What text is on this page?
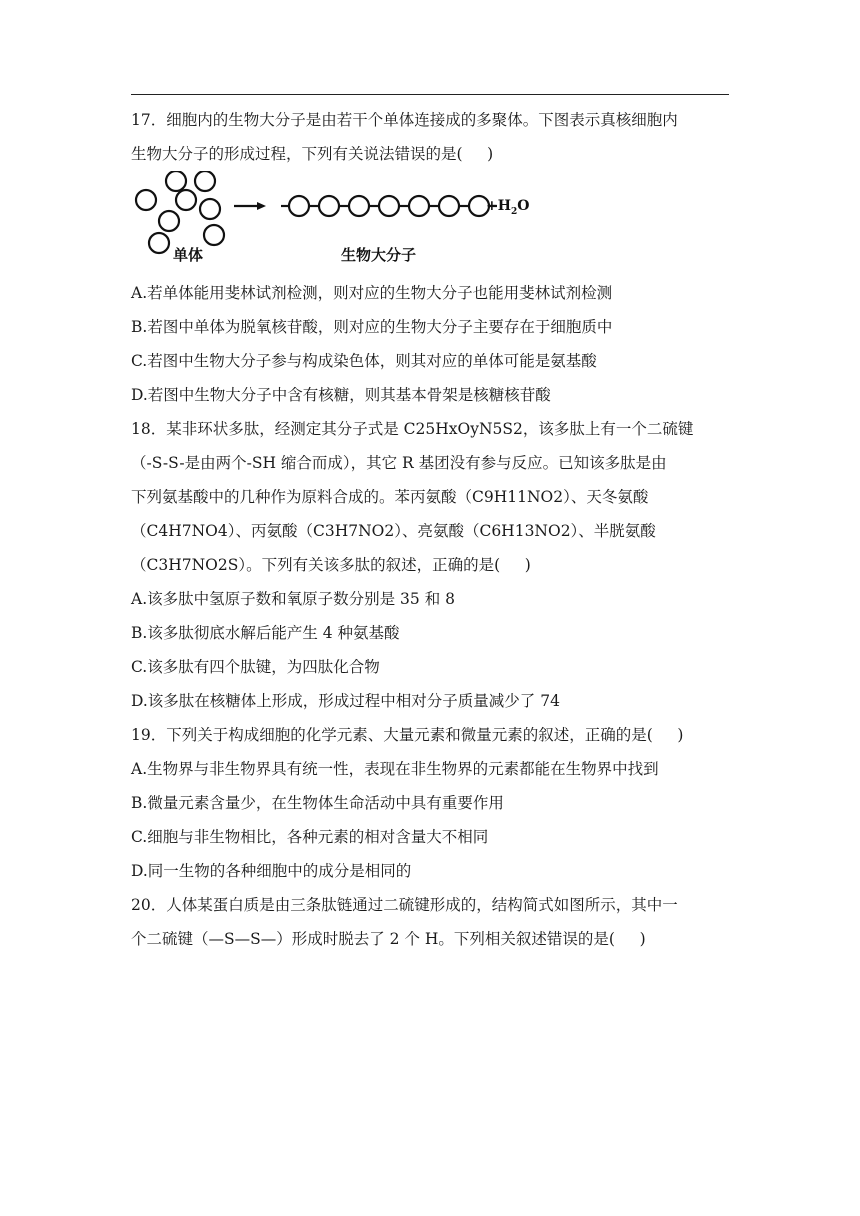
17．细胞内的生物大分子是由若干个单体连接成的多聚体。下图表示真核细胞内
生物大分子的形成过程，下列有关说法错误的是(     )
$+H_2O$
单体	生物大分子
A.若单体能用斐林试剂检测，则对应的生物大分子也能用斐林试剂检测
B.若图中单体为脱氧核苷酸，则对应的生物大分子主要存在于细胞质中
C.若图中生物大分子参与构成染色体，则其对应的单体可能是氨基酸
D.若图中生物大分子中含有核糖，则其基本骨架是核糖核苷酸
18．某非环状多肽，经测定其分子式是 C25HxOyN5S2，该多肽上有一个二硫键
（-S-S-是由两个-SH 缩合而成），其它 R 基团没有参与反应。已知该多肽是由
下列氨基酸中的几种作为原料合成的。苯丙氨酸（C9H11NO2）、天冬氨酸
（C4H7NO4）、丙氨酸（C3H7NO2）、亮氨酸（C6H13NO2）、半胱氨酸
（C3H7NO2S）。下列有关该多肽的叙述，正确的是(     )
A.该多肽中氢原子数和氧原子数分别是 35 和 8
B.该多肽彻底水解后能产生 4 种氨基酸
C.该多肽有四个肽键，为四肽化合物
D.该多肽在核糖体上形成，形成过程中相对分子质量减少了 74
19．下列关于构成细胞的化学元素、大量元素和微量元素的叙述，正确的是(     )
A.生物界与非生物界具有统一性，表现在非生物界的元素都能在生物界中找到
B.微量元素含量少，在生物体生命活动中具有重要作用
C.细胞与非生物相比，各种元素的相对含量大不相同
D.同一生物的各种细胞中的成分是相同的
20．人体某蛋白质是由三条肽链通过二硫键形成的，结构简式如图所示，其中一
个二硫键（—S—S—）形成时脱去了 2 个 H。下列相关叙述错误的是(     )
